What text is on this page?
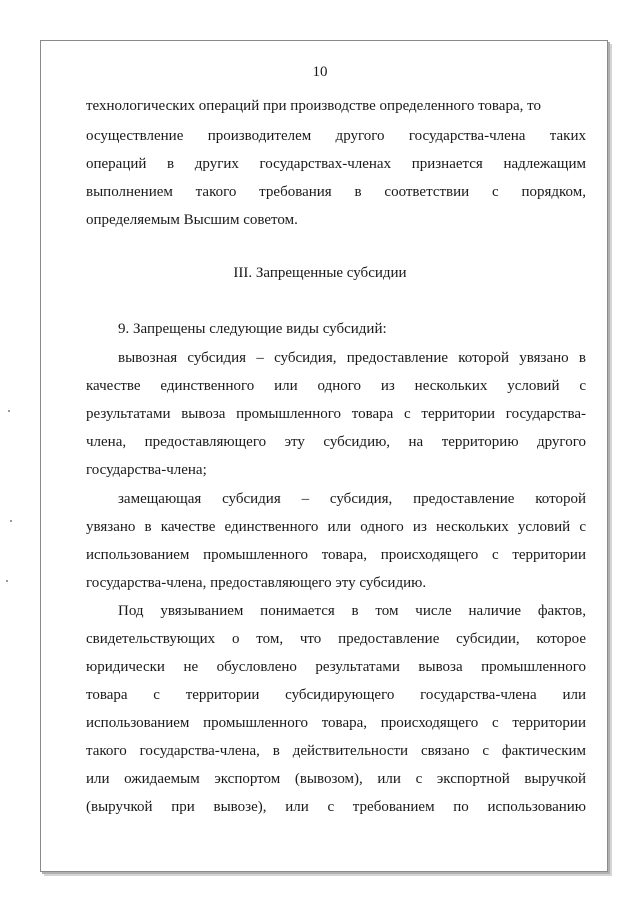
10
технологических операций при производстве определенного товара, то
осуществление производителем другого государства-члена таких
операций в других государствах-членах признается надлежащим
выполнением такого требования в соответствии с порядком,
определяемым Высшим советом.
III. Запрещенные субсидии
9. Запрещены следующие виды субсидий:
вывозная субсидия – субсидия, предоставление которой увязано в
качестве единственного или одного из нескольких условий с
результатами вывоза промышленного товара с территории государства-
члена, предоставляющего эту субсидию, на территорию другого
государства-члена;
замещающая субсидия – субсидия, предоставление которой
увязано в качестве единственного или одного из нескольких условий с
использованием промышленного товара, происходящего с территории
государства-члена, предоставляющего эту субсидию.
Под увязыванием понимается в том числе наличие фактов,
свидетельствующих о том, что предоставление субсидии, которое
юридически не обусловлено результатами вывоза промышленного
товара с территории субсидирующего государства-члена или
использованием промышленного товара, происходящего с территории
такого государства-члена, в действительности связано с фактическим
или ожидаемым экспортом (вывозом), или с экспортной выручкой
(выручкой при вывозе), или с требованием по использованию
